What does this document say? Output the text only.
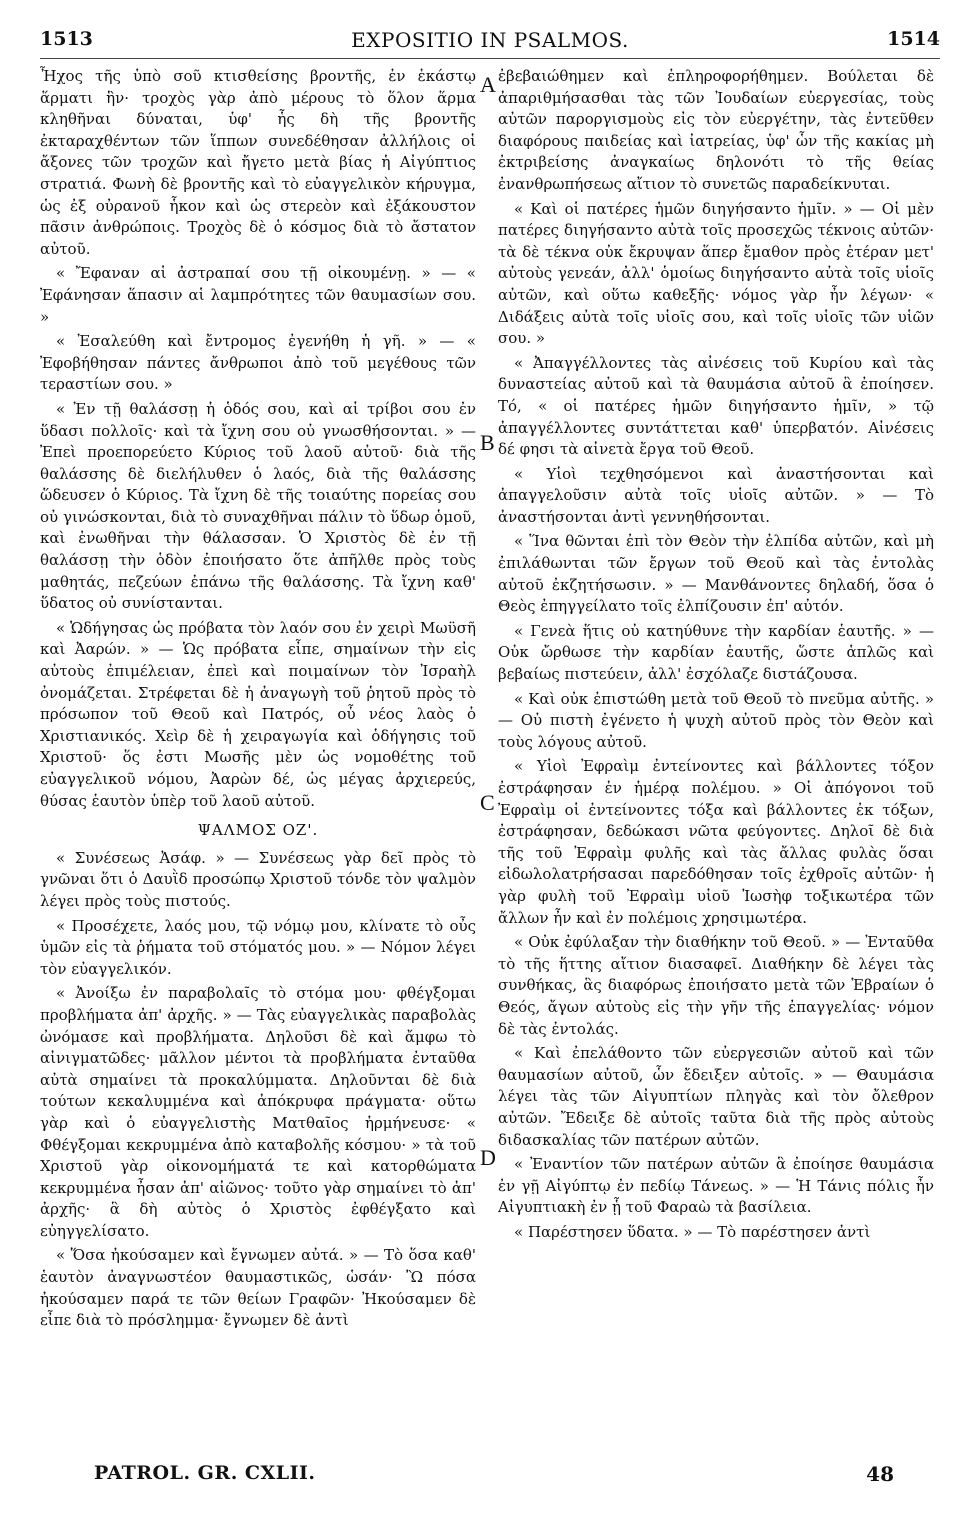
1513	EXPOSITIO IN PSALMOS.	1514

Ἦχος τῆς ὑπὸ σοῦ κτισθείσης βροντῆς, ἐν ἑκάστῳ ἅρματι ἣν· τροχὸς γὰρ ἀπὸ μέρους τὸ ὅλον ἅρμα κληθῆναι δύναται, ὑφ' ἧς δὴ τῆς βροντῆς ἐκταραχθέντων τῶν ἵππων συνεδέθησαν ἀλλήλοις οἱ ἄξονες τῶν τροχῶν καὶ ἤγετο μετὰ βίας ἡ Αἰγύπτιος στρατιά. Φωνὴ δὲ βροντῆς καὶ τὸ εὐαγγελικὸν κήρυγμα, ὡς ἐξ οὐρανοῦ ἧκον καὶ ὡς στερεὸν καὶ ἐξάκουστον πᾶσιν ἀνθρώποις. Τροχὸς δὲ ὁ κόσμος διὰ τὸ ἄστατον αὐτοῦ.

« Ἔφαναν αἱ ἀστραπαί σου τῇ οἰκουμένῃ. » — « Ἐφάνησαν ἅπασιν αἱ λαμπρότητες τῶν θαυμασίων σου. »

« Ἐσαλεύθη καὶ ἔντρομος ἐγενήθη ἡ γῆ. » — « Ἐφοβήθησαν πάντες ἄνθρωποι ἀπὸ τοῦ μεγέθους τῶν τεραστίων σου. »

« Ἐν τῇ θαλάσσῃ ἡ ὁδός σου, καὶ αἱ τρίβοι σου ἐν ὕδασι πολλοῖς· καὶ τὰ ἴχνη σου οὐ γνωσθήσονται. » — Ἐπεὶ προεπορεύετο Κύριος τοῦ λαοῦ αὐτοῦ· διὰ τῆς θαλάσσης δὲ διελήλυθεν ὁ λαός, διὰ τῆς θαλάσσης ὥδευσεν ὁ Κύριος. Τὰ ἴχνη δὲ τῆς τοιαύτης πορείας σου οὐ γινώσκονται, διὰ τὸ συναχθῆναι πάλιν τὸ ὕδωρ ὁμοῦ, καὶ ἑνωθῆναι τὴν θάλασσαν. Ὁ Χριστὸς δὲ ἐν τῇ θαλάσσῃ τὴν ὁδὸν ἐποιήσατο ὅτε ἀπῆλθε πρὸς τοὺς μαθητάς, πεζεύων ἐπάνω τῆς θαλάσσης. Τὰ ἴχνη καθ' ὕδατος οὐ συνίστανται.

« Ὡδήγησας ὡς πρόβατα τὸν λαόν σου ἐν χειρὶ Μωϋσῆ καὶ Ἀαρών. » — Ὡς πρόβατα εἶπε, σημαίνων τὴν εἰς αὐτοὺς ἐπιμέλειαν, ἐπεὶ καὶ ποιμαίνων τὸν Ἰσραὴλ ὀνομάζεται. Στρέφεται δὲ ἡ ἀναγωγὴ τοῦ ῥητοῦ πρὸς τὸ πρόσωπον τοῦ Θεοῦ καὶ Πατρός, οὗ νέος λαὸς ὁ Χριστιανικός. Χεὶρ δὲ ἡ χειραγωγία καὶ ὁδήγησις τοῦ Χριστοῦ· ὅς ἐστι Μωσῆς μὲν ὡς νομοθέτης τοῦ εὐαγγελικοῦ νόμου, Ἀαρὼν δέ, ὡς μέγας ἀρχιερεύς, θύσας ἑαυτὸν ὑπὲρ τοῦ λαοῦ αὐτοῦ.

ΨΑΛΜΟΣ ΟΖ'.

« Συνέσεως Ἀσάφ. » — Συνέσεως γὰρ δεῖ πρὸς τὸ γνῶναι ὅτι ὁ Δαυῒδ προσώπῳ Χριστοῦ τόνδε τὸν ψαλμὸν λέγει πρὸς τοὺς πιστούς.

« Προσέχετε, λαός μου, τῷ νόμῳ μου, κλίνατε τὸ οὖς ὑμῶν εἰς τὰ ῥήματα τοῦ στόματός μου. » — Νόμον λέγει τὸν εὐαγγελικόν.

« Ἀνοίξω ἐν παραβολαῖς τὸ στόμα μου· φθέγξομαι προβλήματα ἀπ' ἀρχῆς. » — Τὰς εὐαγγελικὰς παραβολὰς ὠνόμασε καὶ προβλήματα. Δηλοῦσι δὲ καὶ ἄμφω τὸ αἰνιγματῶδες· μᾶλλον μέντοι τὰ προβλήματα ἐνταῦθα αὐτὰ σημαίνει τὰ προκαλύμματα. Δηλοῦνται δὲ διὰ τούτων κεκαλυμμένα καὶ ἀπόκρυφα πράγματα· οὕτω γὰρ καὶ ὁ εὐαγγελιστὴς Ματθαῖος ἡρμήνευσε· « Φθέγξομαι κεκρυμμένα ἀπὸ καταβολῆς κόσμου· » τὰ τοῦ Χριστοῦ γὰρ οἰκονομήματά τε καὶ κατορθώματα κεκρυμμένα ἦσαν ἀπ' αἰῶνος· τοῦτο γὰρ σημαίνει τὸ ἀπ' ἀρχῆς· ἃ δὴ αὐτὸς ὁ Χριστὸς ἐφθέγξατο καὶ εὐηγγελίσατο.

« Ὅσα ἠκούσαμεν καὶ ἔγνωμεν αὐτά. » — Τὸ ὅσα καθ' ἑαυτὸν ἀναγνωστέον θαυμαστικῶς, ὡσάν· Ὢ πόσα ἠκούσαμεν παρά τε τῶν θείων Γραφῶν· Ἠκούσαμεν δὲ εἶπε διὰ τὸ πρόσλημμα· ἔγνωμεν δὲ ἀντὶ

A
B
C
D

ἐβεβαιώθημεν καὶ ἐπληροφορήθημεν. Βούλεται δὲ ἀπαριθμήσασθαι τὰς τῶν Ἰουδαίων εὐεργεσίας, τοὺς αὐτῶν παροργισμοὺς εἰς τὸν εὐεργέτην, τὰς ἐντεῦθεν διαφόρους παιδείας καὶ ἰατρείας, ὑφ' ὧν τῆς κακίας μὴ ἐκτριβείσης ἀναγκαίως δηλονότι τὸ τῆς θείας ἐνανθρωπήσεως αἴτιον τὸ συνετῶς παραδείκνυται.

« Καὶ οἱ πατέρες ἡμῶν διηγήσαντο ἡμῖν. » — Οἱ μὲν πατέρες διηγήσαντο αὐτὰ τοῖς προσεχῶς τέκνοις αὐτῶν· τὰ δὲ τέκνα οὐκ ἔκρυψαν ἅπερ ἔμαθον πρὸς ἑτέραν μετ' αὐτοὺς γενεάν, ἀλλ' ὁμοίως διηγήσαντο αὐτὰ τοῖς υἱοῖς αὐτῶν, καὶ οὕτω καθεξῆς· νόμος γὰρ ἦν λέγων· « Διδάξεις αὐτὰ τοῖς υἱοῖς σου, καὶ τοῖς υἱοῖς τῶν υἱῶν σου. »

« Ἀπαγγέλλοντες τὰς αἰνέσεις τοῦ Κυρίου καὶ τὰς δυναστείας αὐτοῦ καὶ τὰ θαυμάσια αὐτοῦ ἃ ἐποίησεν. Τό, « οἱ πατέρες ἡμῶν διηγήσαντο ἡμῖν, » τῷ ἀπαγγέλλοντες συντάττεται καθ' ὑπερβατόν. Αἰνέσεις δέ φησι τὰ αἰνετὰ ἔργα τοῦ Θεοῦ.

« Υἱοὶ τεχθησόμενοι καὶ ἀναστήσονται καὶ ἀπαγγελοῦσιν αὐτὰ τοῖς υἱοῖς αὐτῶν. » — Τὸ ἀναστήσονται ἀντὶ γεννηθήσονται.

« Ἵνα θῶνται ἐπὶ τὸν Θεὸν τὴν ἐλπίδα αὐτῶν, καὶ μὴ ἐπιλάθωνται τῶν ἔργων τοῦ Θεοῦ καὶ τὰς ἐντολὰς αὐτοῦ ἐκζητήσωσιν. » — Μανθάνοντες δηλαδή, ὅσα ὁ Θεὸς ἐπηγγείλατο τοῖς ἐλπίζουσιν ἐπ' αὐτόν.

« Γενεὰ ἥτις οὐ κατηύθυνε τὴν καρδίαν ἑαυτῆς. » — Οὐκ ὤρθωσε τὴν καρδίαν ἑαυτῆς, ὥστε ἁπλῶς καὶ βεβαίως πιστεύειν, ἀλλ' ἐσχόλαζε διστάζουσα.

« Καὶ οὐκ ἐπιστώθη μετὰ τοῦ Θεοῦ τὸ πνεῦμα αὐτῆς. » — Οὐ πιστὴ ἐγένετο ἡ ψυχὴ αὐτοῦ πρὸς τὸν Θεὸν καὶ τοὺς λόγους αὐτοῦ.

« Υἱοὶ Ἐφραὶμ ἐντείνοντες καὶ βάλλοντες τόξον ἐστράφησαν ἐν ἡμέρᾳ πολέμου. » Οἱ ἀπόγονοι τοῦ Ἐφραὶμ οἱ ἐντείνοντες τόξα καὶ βάλλοντες ἐκ τόξων, ἐστράφησαν, δεδώκασι νῶτα φεύγοντες. Δηλοῖ δὲ διὰ τῆς τοῦ Ἐφραὶμ φυλῆς καὶ τὰς ἄλλας φυλὰς ὅσαι εἰδωλολατρήσασαι παρεδόθησαν τοῖς ἐχθροῖς αὐτῶν· ἡ γὰρ φυλὴ τοῦ Ἐφραὶμ υἱοῦ Ἰωσὴφ τοξικωτέρα τῶν ἄλλων ἦν καὶ ἐν πολέμοις χρησιμωτέρα.

« Οὐκ ἐφύλαξαν τὴν διαθήκην τοῦ Θεοῦ. » — Ἐνταῦθα τὸ τῆς ἥττης αἴτιον διασαφεῖ. Διαθήκην δὲ λέγει τὰς συνθήκας, ἃς διαφόρως ἐποιήσατο μετὰ τῶν Ἑβραίων ὁ Θεός, ἄγων αὐτοὺς εἰς τὴν γῆν τῆς ἐπαγγελίας· νόμον δὲ τὰς ἐντολάς.

« Καὶ ἐπελάθοντο τῶν εὐεργεσιῶν αὐτοῦ καὶ τῶν θαυμασίων αὐτοῦ, ὧν ἔδειξεν αὐτοῖς. » — Θαυμάσια λέγει τὰς τῶν Αἰγυπτίων πληγὰς καὶ τὸν ὄλεθρον αὐτῶν. Ἔδειξε δὲ αὐτοῖς ταῦτα διὰ τῆς πρὸς αὐτοὺς διδασκαλίας τῶν πατέρων αὐτῶν.

« Ἐναντίον τῶν πατέρων αὐτῶν ἃ ἐποίησε θαυμάσια ἐν γῇ Αἰγύπτῳ ἐν πεδίῳ Τάνεως. » — Ἡ Τάνις πόλις ἦν Αἰγυπτιακὴ ἐν ᾗ τοῦ Φαραὼ τὰ βασίλεια.

« Παρέστησεν ὕδατα. » — Τὸ παρέστησεν ἀντὶ

PATROL. GR. CXLII.	48
